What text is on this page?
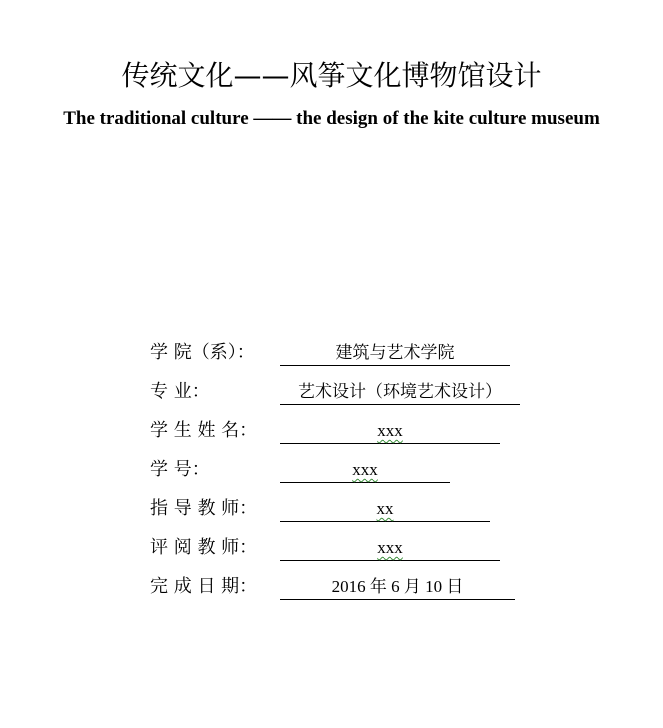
传统文化——风筝文化博物馆设计
The traditional culture —— the design of the kite culture museum
学 院（系）：	建筑与艺术学院
专 业：	艺术设计（环境艺术设计）
学 生 姓 名：	xxx
学 号：	xxx
指 导 教 师：	xx
评 阅 教 师：	xxx
完 成 日 期：	2016 年 6 月 10 日
